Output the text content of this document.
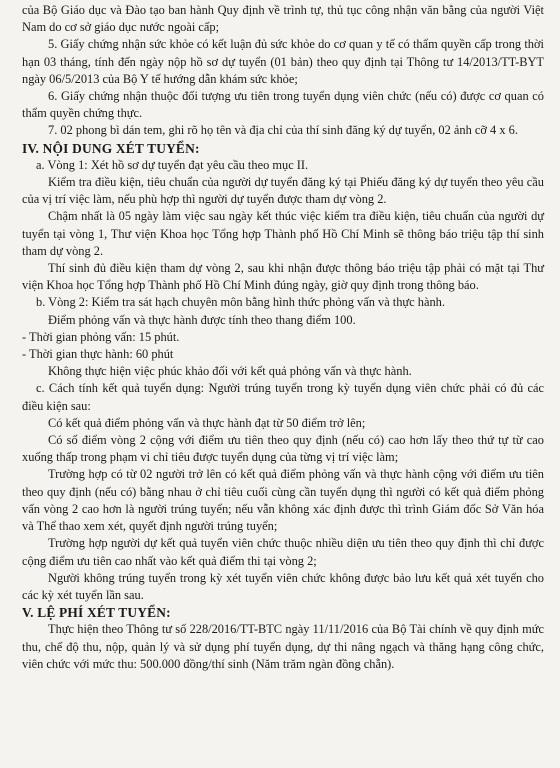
của Bộ Giáo dục và Đào tạo ban hành Quy định về trình tự, thủ tục công nhận văn bằng của người Việt Nam do cơ sở giáo dục nước ngoài cấp;

5. Giấy chứng nhận sức khỏe có kết luận đủ sức khỏe do cơ quan y tế có thẩm quyền cấp trong thời hạn 03 tháng, tính đến ngày nộp hồ sơ dự tuyển (01 bản) theo quy định tại Thông tư 14/2013/TT-BYT ngày 06/5/2013 của Bộ Y tế hướng dẫn khám sức khỏe;

6. Giấy chứng nhận thuộc đối tượng ưu tiên trong tuyển dụng viên chức (nếu có) được cơ quan có thẩm quyền chứng thực.

7. 02 phong bì dán tem, ghi rõ họ tên và địa chỉ của thí sinh đăng ký dự tuyển, 02 ảnh cỡ 4 x 6.

IV. NỘI DUNG XÉT TUYỂN:

a. Vòng 1: Xét hồ sơ dự tuyển đạt yêu cầu theo mục II.

Kiểm tra điều kiện, tiêu chuẩn của người dự tuyển đăng ký tại Phiếu đăng ký dự tuyển theo yêu cầu của vị trí việc làm, nếu phù hợp thì người dự tuyển được tham dự vòng 2.

Chậm nhất là 05 ngày làm việc sau ngày kết thúc việc kiểm tra điều kiện, tiêu chuẩn của người dự tuyển tại vòng 1, Thư viện Khoa học Tổng hợp Thành phố Hồ Chí Minh sẽ thông báo triệu tập thí sinh tham dự vòng 2.

Thí sinh đủ điều kiện tham dự vòng 2, sau khi nhận được thông báo triệu tập phải có mặt tại Thư viện Khoa học Tổng hợp Thành phố Hồ Chí Minh đúng ngày, giờ quy định trong thông báo.

b. Vòng 2: Kiểm tra sát hạch chuyên môn bằng hình thức phỏng vấn và thực hành.

Điểm phỏng vấn và thực hành được tính theo thang điểm 100.

- Thời gian phỏng vấn: 15 phút.

- Thời gian thực hành: 60 phút

Không thực hiện việc phúc khảo đối với kết quả phỏng vấn và thực hành.

c. Cách tính kết quả tuyển dụng: Người trúng tuyển trong kỳ tuyển dụng viên chức phải có đủ các điều kiện sau:

Có kết quả điểm phỏng vấn và thực hành đạt từ 50 điểm trở lên;

Có số điểm vòng 2 cộng với điểm ưu tiên theo quy định (nếu có) cao hơn lấy theo thứ tự từ cao xuống thấp trong phạm vi chỉ tiêu được tuyển dụng của từng vị trí việc làm;

Trường hợp có từ 02 người trở lên có kết quả điểm phỏng vấn và thực hành cộng với điểm ưu tiên theo quy định (nếu có) bằng nhau ở chỉ tiêu cuối cùng cần tuyển dụng thì người có kết quả điểm phỏng vấn vòng 2 cao hơn là người trúng tuyển; nếu vẫn không xác định được thì trình Giám đốc Sở Văn hóa và Thể thao xem xét, quyết định người trúng tuyển;

Trường hợp người dự kết quả tuyển viên chức thuộc nhiều diện ưu tiên theo quy định thì chỉ được cộng điểm ưu tiên cao nhất vào kết quả điểm thi tại vòng 2;

Người không trúng tuyển trong kỳ xét tuyển viên chức không được bảo lưu kết quả xét tuyển cho các kỳ xét tuyển lần sau.

V. LỆ PHÍ XÉT TUYỂN:

Thực hiện theo Thông tư số 228/2016/TT-BTC ngày 11/11/2016 của Bộ Tài chính về quy định mức thu, chế độ thu, nộp, quản lý và sử dụng phí tuyển dụng, dự thi nâng ngạch và thăng hạng công chức, viên chức với mức thu: 500.000 đồng/thí sinh (Năm trăm ngàn đồng chẵn).
